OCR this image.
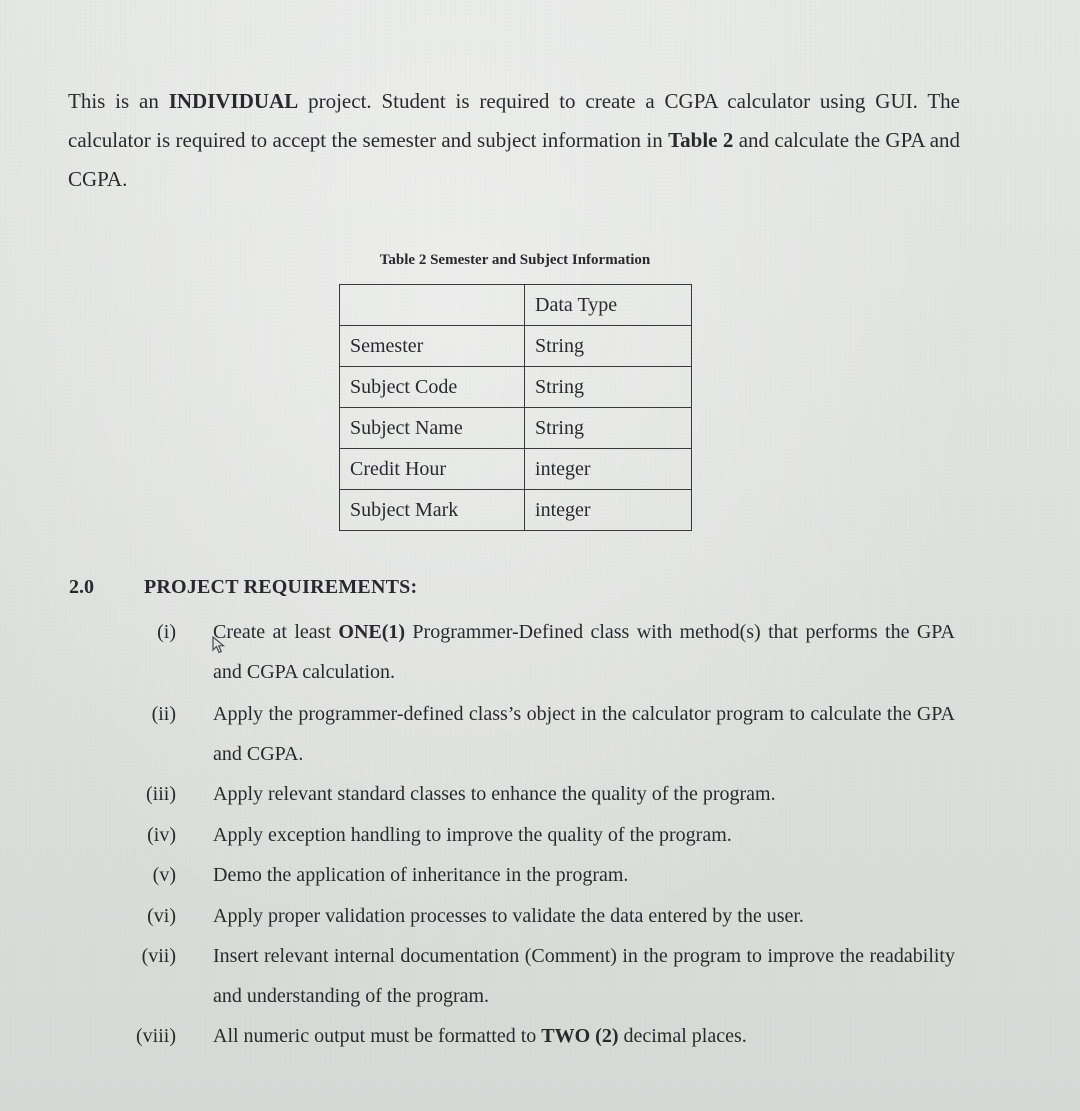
This is an INDIVIDUAL project. Student is required to create a CGPA calculator using GUI. The calculator is required to accept the semester and subject information in Table 2 and calculate the GPA and CGPA.
Table 2 Semester and Subject Information
	Data Type
Semester	String
Subject Code	String
Subject Name	String
Credit Hour	integer
Subject Mark	integer
2.0	PROJECT REQUIREMENTS:
(i) Create at least ONE(1) Programmer-Defined class with method(s) that performs the GPA and CGPA calculation.
(ii) Apply the programmer-defined class’s object in the calculator program to calculate the GPA and CGPA.
(iii) Apply relevant standard classes to enhance the quality of the program.
(iv) Apply exception handling to improve the quality of the program.
(v) Demo the application of inheritance in the program.
(vi) Apply proper validation processes to validate the data entered by the user.
(vii) Insert relevant internal documentation (Comment) in the program to improve the readability and understanding of the program.
(viii) All numeric output must be formatted to TWO (2) decimal places.
